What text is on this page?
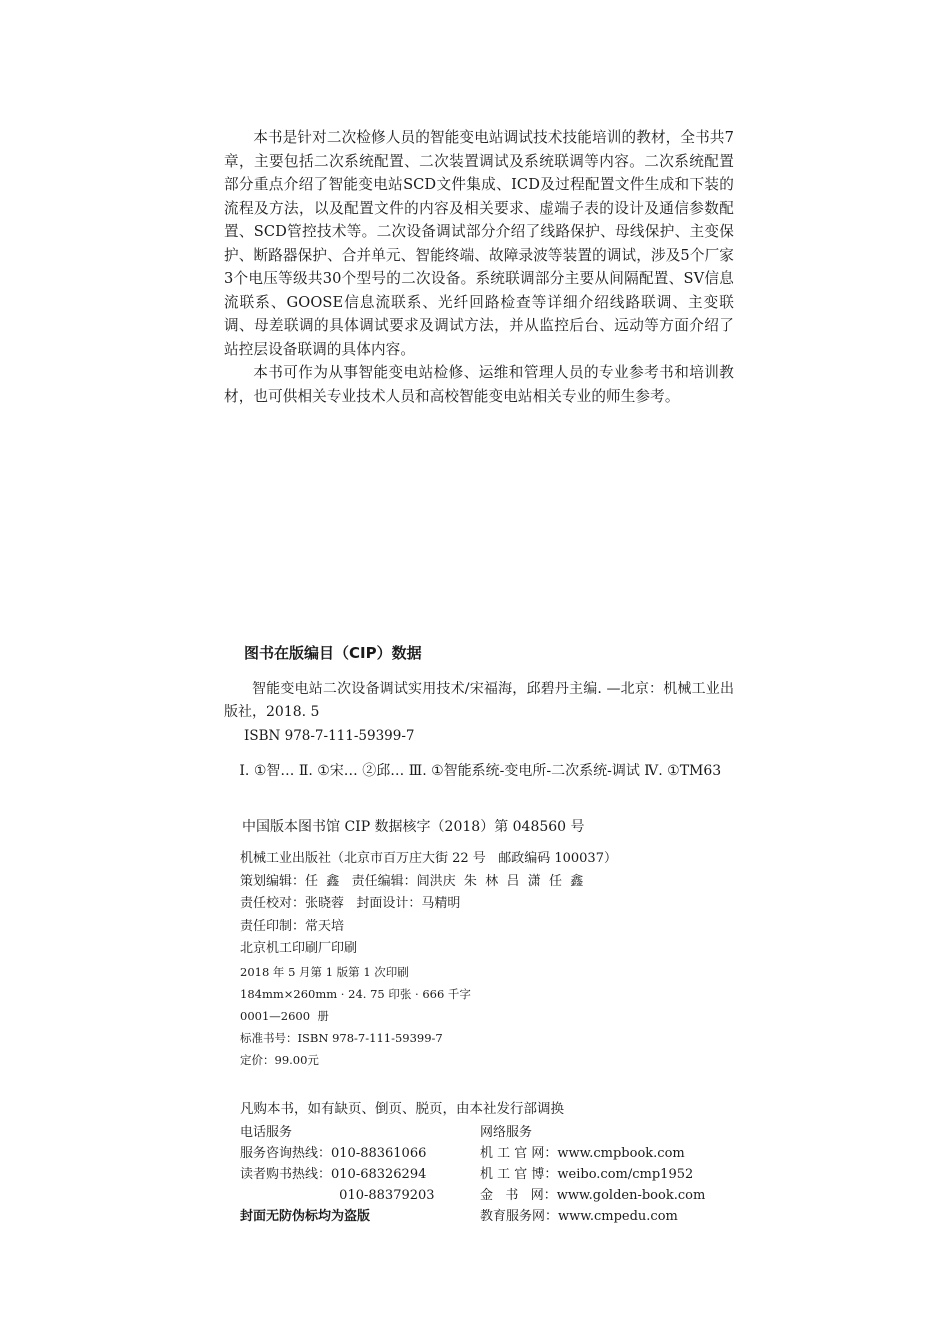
本书是针对二次检修人员的智能变电站调试技术技能培训的教材，全书共7章，主要包括二次系统配置、二次装置调试及系统联调等内容。二次系统配置部分重点介绍了智能变电站SCD文件集成、ICD及过程配置文件生成和下装的流程及方法，以及配置文件的内容及相关要求、虚端子表的设计及通信参数配置、SCD管控技术等。二次设备调试部分介绍了线路保护、母线保护、主变保护、断路器保护、合并单元、智能终端、故障录波等装置的调试，涉及5个厂家3个电压等级共30个型号的二次设备。系统联调部分主要从间隔配置、SV信息流联系、GOOSE信息流联系、光纤回路检查等详细介绍线路联调、主变联调、母差联调的具体调试要求及调试方法，并从监控后台、远动等方面介绍了站控层设备联调的具体内容。

本书可作为从事智能变电站检修、运维和管理人员的专业参考书和培训教材，也可供相关专业技术人员和高校智能变电站相关专业的师生参考。

图书在版编目（CIP）数据
智能变电站二次设备调试实用技术/宋福海，邱碧丹主编. —北京：机械工业出版社，2018. 5
ISBN 978-7-111-59399-7
Ⅰ. ①智… Ⅱ. ①宋… ②邱… Ⅲ. ①智能系统-变电所-二次系统-调试 Ⅳ. ①TM63
中国版本图书馆 CIP 数据核字（2018）第 048560 号
机械工业出版社（北京市百万庄大街 22 号   邮政编码 100037）
策划编辑：任  鑫   责任编辑：闾洪庆  朱  林  吕  潇  任  鑫
责任校对：张晓蓉   封面设计：马精明
责任印制：常天培
北京机工印刷厂印刷
2018 年 5 月第 1 版第 1 次印刷
184mm×260mm · 24. 75 印张 · 666 千字
0001—2600  册
标准书号：ISBN 978-7-111-59399-7
定价：99.00元
凡购本书，如有缺页、倒页、脱页，由本社发行部调换
电话服务	网络服务
服务咨询热线：010-88361066	机 工 官 网：www.cmpbook.com
读者购书热线：010-68326294	机 工 官 博：weibo.com/cmp1952
010-88379203	金   书   网：www.golden-book.com
封面无防伪标均为盗版	教育服务网：www.cmpedu.com
